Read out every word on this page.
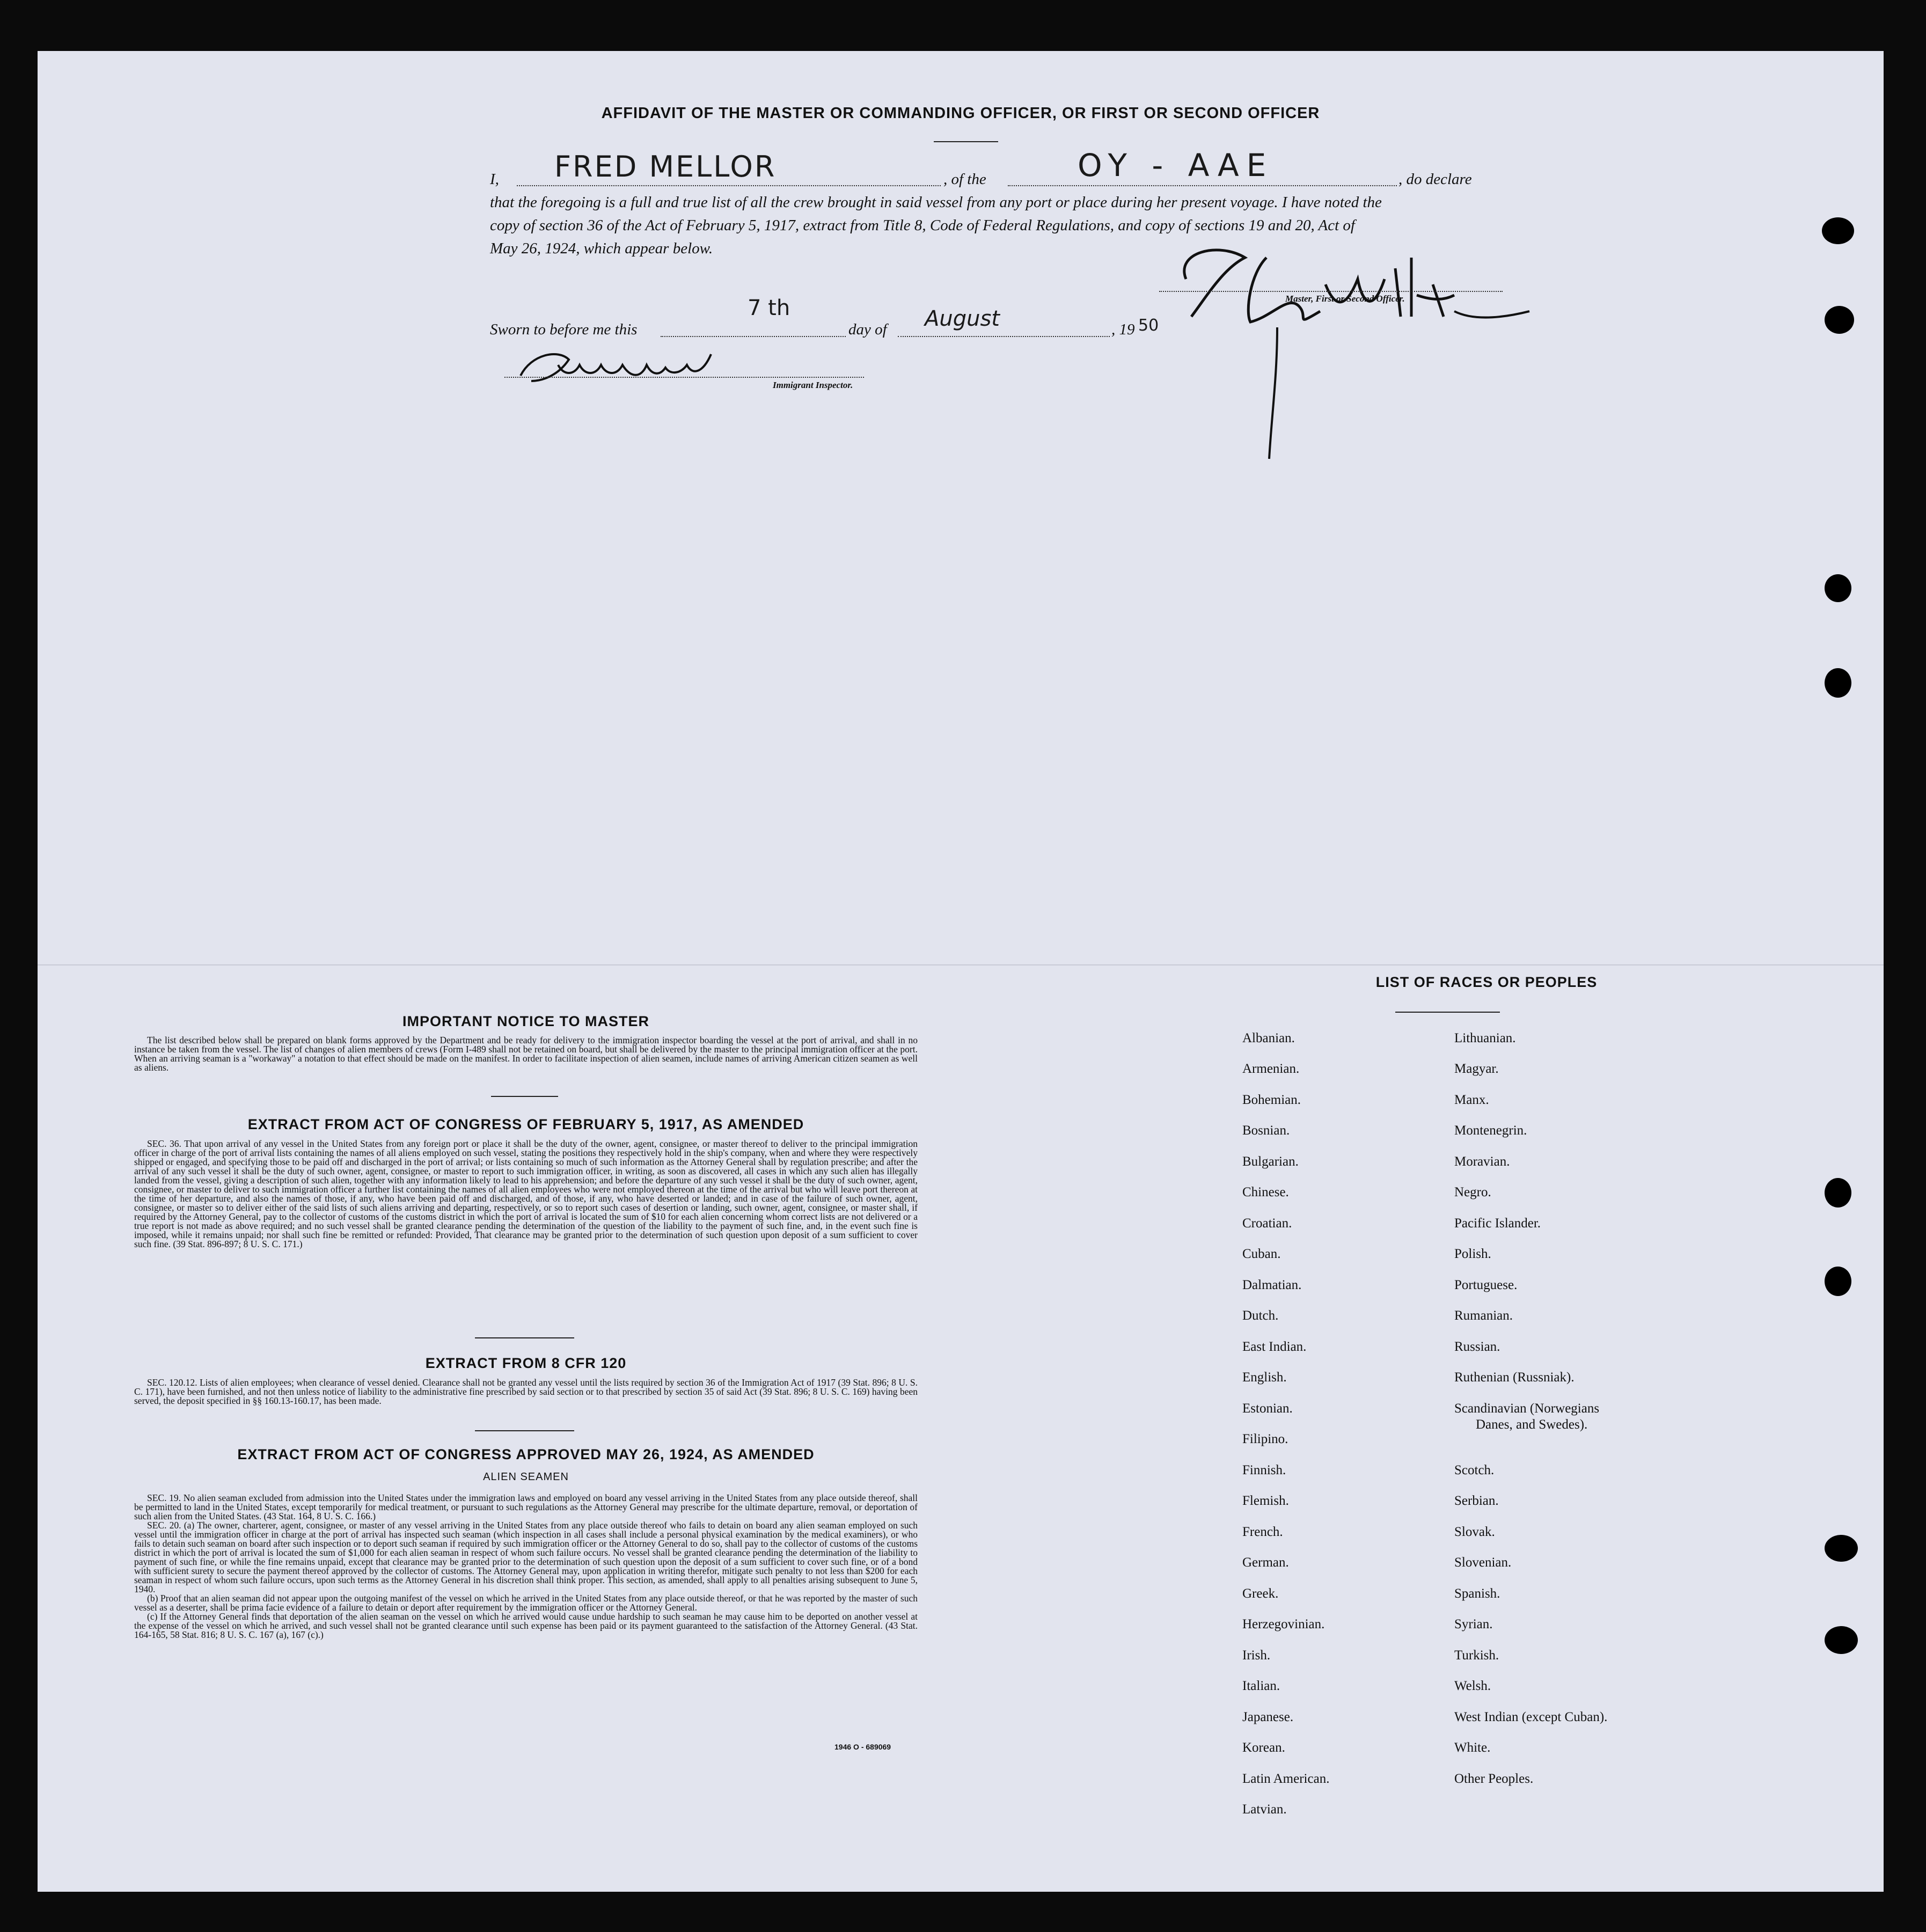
AFFIDAVIT OF THE MASTER OR COMMANDING OFFICER, OR FIRST OR SECOND OFFICER
I, FRED MELLOR	, of the	OY - AAE	, do declare
that the foregoing is a full and true list of all the crew brought in said vessel from any port or place during her present voyage. I have noted the
copy of section 36 of the Act of February 5, 1917, extract from Title 8, Code of Federal Regulations, and copy of sections 19 and 20, Act of
May 26, 1924, which appear below.
Master, First or Second Officer.
Sworn to before me this
7 th
day of August	, 19 50
Immigrant Inspector.
IMPORTANT NOTICE TO MASTER

The list described below shall be prepared on blank forms approved by the Department and be ready for delivery to the immigration inspector boarding the vessel at the port of arrival, and shall in no instance be taken from the vessel. The list of changes of alien members of crews (Form I-489 shall not be retained on board, but shall be delivered by the master to the principal immigration officer at the port. When an arriving seaman is a "workaway" a notation to that effect should be made on the manifest. In order to facilitate inspection of alien seamen, include names of arriving American citizen seamen as well as aliens.

EXTRACT FROM ACT OF CONGRESS OF FEBRUARY 5, 1917, AS AMENDED

SEC. 36. That upon arrival of any vessel in the United States from any foreign port or place it shall be the duty of the owner, agent, consignee, or master thereof to deliver to the principal immigration officer in charge of the port of arrival lists containing the names of all aliens employed on such vessel, stating the positions they respectively hold in the ship's company, when and where they were respectively shipped or engaged, and specifying those to be paid off and discharged in the port of arrival; or lists containing so much of such information as the Attorney General shall by regulation prescribe; and after the arrival of any such vessel it shall be the duty of such owner, agent, consignee, or master to report to such immigration officer, in writing, as soon as discovered, all cases in which any such alien has illegally landed from the vessel, giving a description of such alien, together with any information likely to lead to his apprehension; and before the departure of any such vessel it shall be the duty of such owner, agent, consignee, or master to deliver to such immigration officer a further list containing the names of all alien employees who were not employed thereon at the time of the arrival but who will leave port thereon at the time of her departure, and also the names of those, if any, who have been paid off and discharged, and of those, if any, who have deserted or landed; and in case of the failure of such owner, agent, consignee, or master so to deliver either of the said lists of such aliens arriving and departing, respectively, or so to report such cases of desertion or landing, such owner, agent, consignee, or master shall, if required by the Attorney General, pay to the collector of customs of the customs district in which the port of arrival is located the sum of $10 for each alien concerning whom correct lists are not delivered or a true report is not made as above required; and no such vessel shall be granted clearance pending the determination of the question of the liability to the payment of such fine, and, in the event such fine is imposed, while it remains unpaid; nor shall such fine be remitted or refunded: Provided, That clearance may be granted prior to the determination of such question upon deposit of a sum sufficient to cover such fine. (39 Stat. 896-897; 8 U. S. C. 171.)

EXTRACT FROM 8 CFR 120

SEC. 120.12. Lists of alien employees; when clearance of vessel denied. Clearance shall not be granted any vessel until the lists required by section 36 of the Immigration Act of 1917 (39 Stat. 896; 8 U. S. C. 171), have been furnished, and not then unless notice of liability to the administrative fine prescribed by said section or to that prescribed by section 35 of said Act (39 Stat. 896; 8 U. S. C. 169) having been served, the deposit specified in §§ 160.13-160.17, has been made.

EXTRACT FROM ACT OF CONGRESS APPROVED MAY 26, 1924, AS AMENDED
ALIEN SEAMEN

SEC. 19. No alien seaman excluded from admission into the United States under the immigration laws and employed on board any vessel arriving in the United States from any place outside thereof, shall be permitted to land in the United States, except temporarily for medical treatment, or pursuant to such regulations as the Attorney General may prescribe for the ultimate departure, removal, or deportation of such alien from the United States. (43 Stat. 164, 8 U. S. C. 166.)

SEC. 20. (a) The owner, charterer, agent, consignee, or master of any vessel arriving in the United States from any place outside thereof who fails to detain on board any alien seaman employed on such vessel until the immigration officer in charge at the port of arrival has inspected such seaman (which inspection in all cases shall include a personal physical examination by the medical examiners), or who fails to detain such seaman on board after such inspection or to deport such seaman if required by such immigration officer or the Attorney General to do so, shall pay to the collector of customs of the customs district in which the port of arrival is located the sum of $1,000 for each alien seaman in respect of whom such failure occurs. No vessel shall be granted clearance pending the determination of the liability to payment of such fine, or while the fine remains unpaid, except that clearance may be granted prior to the determination of such question upon the deposit of a sum sufficient to cover such fine, or of a bond with sufficient surety to secure the payment thereof approved by the collector of customs. The Attorney General may, upon application in writing therefor, mitigate such penalty to not less than $200 for each seaman in respect of whom such failure occurs, upon such terms as the Attorney General in his discretion shall think proper. This section, as amended, shall apply to all penalties arising subsequent to June 5, 1940.

(b) Proof that an alien seaman did not appear upon the outgoing manifest of the vessel on which he arrived in the United States from any place outside thereof, or that he was reported by the master of such vessel as a deserter, shall be prima facie evidence of a failure to detain or deport after requirement by the immigration officer or the Attorney General.

(c) If the Attorney General finds that deportation of the alien seaman on the vessel on which he arrived would cause undue hardship to such seaman he may cause him to be deported on another vessel at the expense of the vessel on which he arrived, and such vessel shall not be granted clearance until such expense has been paid or its payment guaranteed to the satisfaction of the Attorney General. (43 Stat. 164-165, 58 Stat. 816; 8 U. S. C. 167 (a), 167 (c).)

1946 O - 689069
LIST OF RACES OR PEOPLES
Albanian.
Armenian.
Bohemian.
Bosnian.
Bulgarian.
Chinese.
Croatian.
Cuban.
Dalmatian.
Dutch.
East Indian.
English.
Estonian.
Filipino.
Finnish.
Flemish.
French.
German.
Greek.
Herzegovinian.
Irish.
Italian.
Japanese.
Korean.
Latin American.
Latvian.
Lithuanian.
Magyar.
Manx.
Montenegrin.
Moravian.
Negro.
Pacific Islander.
Polish.
Portuguese.
Rumanian.
Russian.
Ruthenian (Russniak).
Scandinavian (Norwegians
Danes, and Swedes).
Scotch.
Serbian.
Slovak.
Slovenian.
Spanish.
Syrian.
Turkish.
Welsh.
West Indian (except Cuban).
White.
Other Peoples.
